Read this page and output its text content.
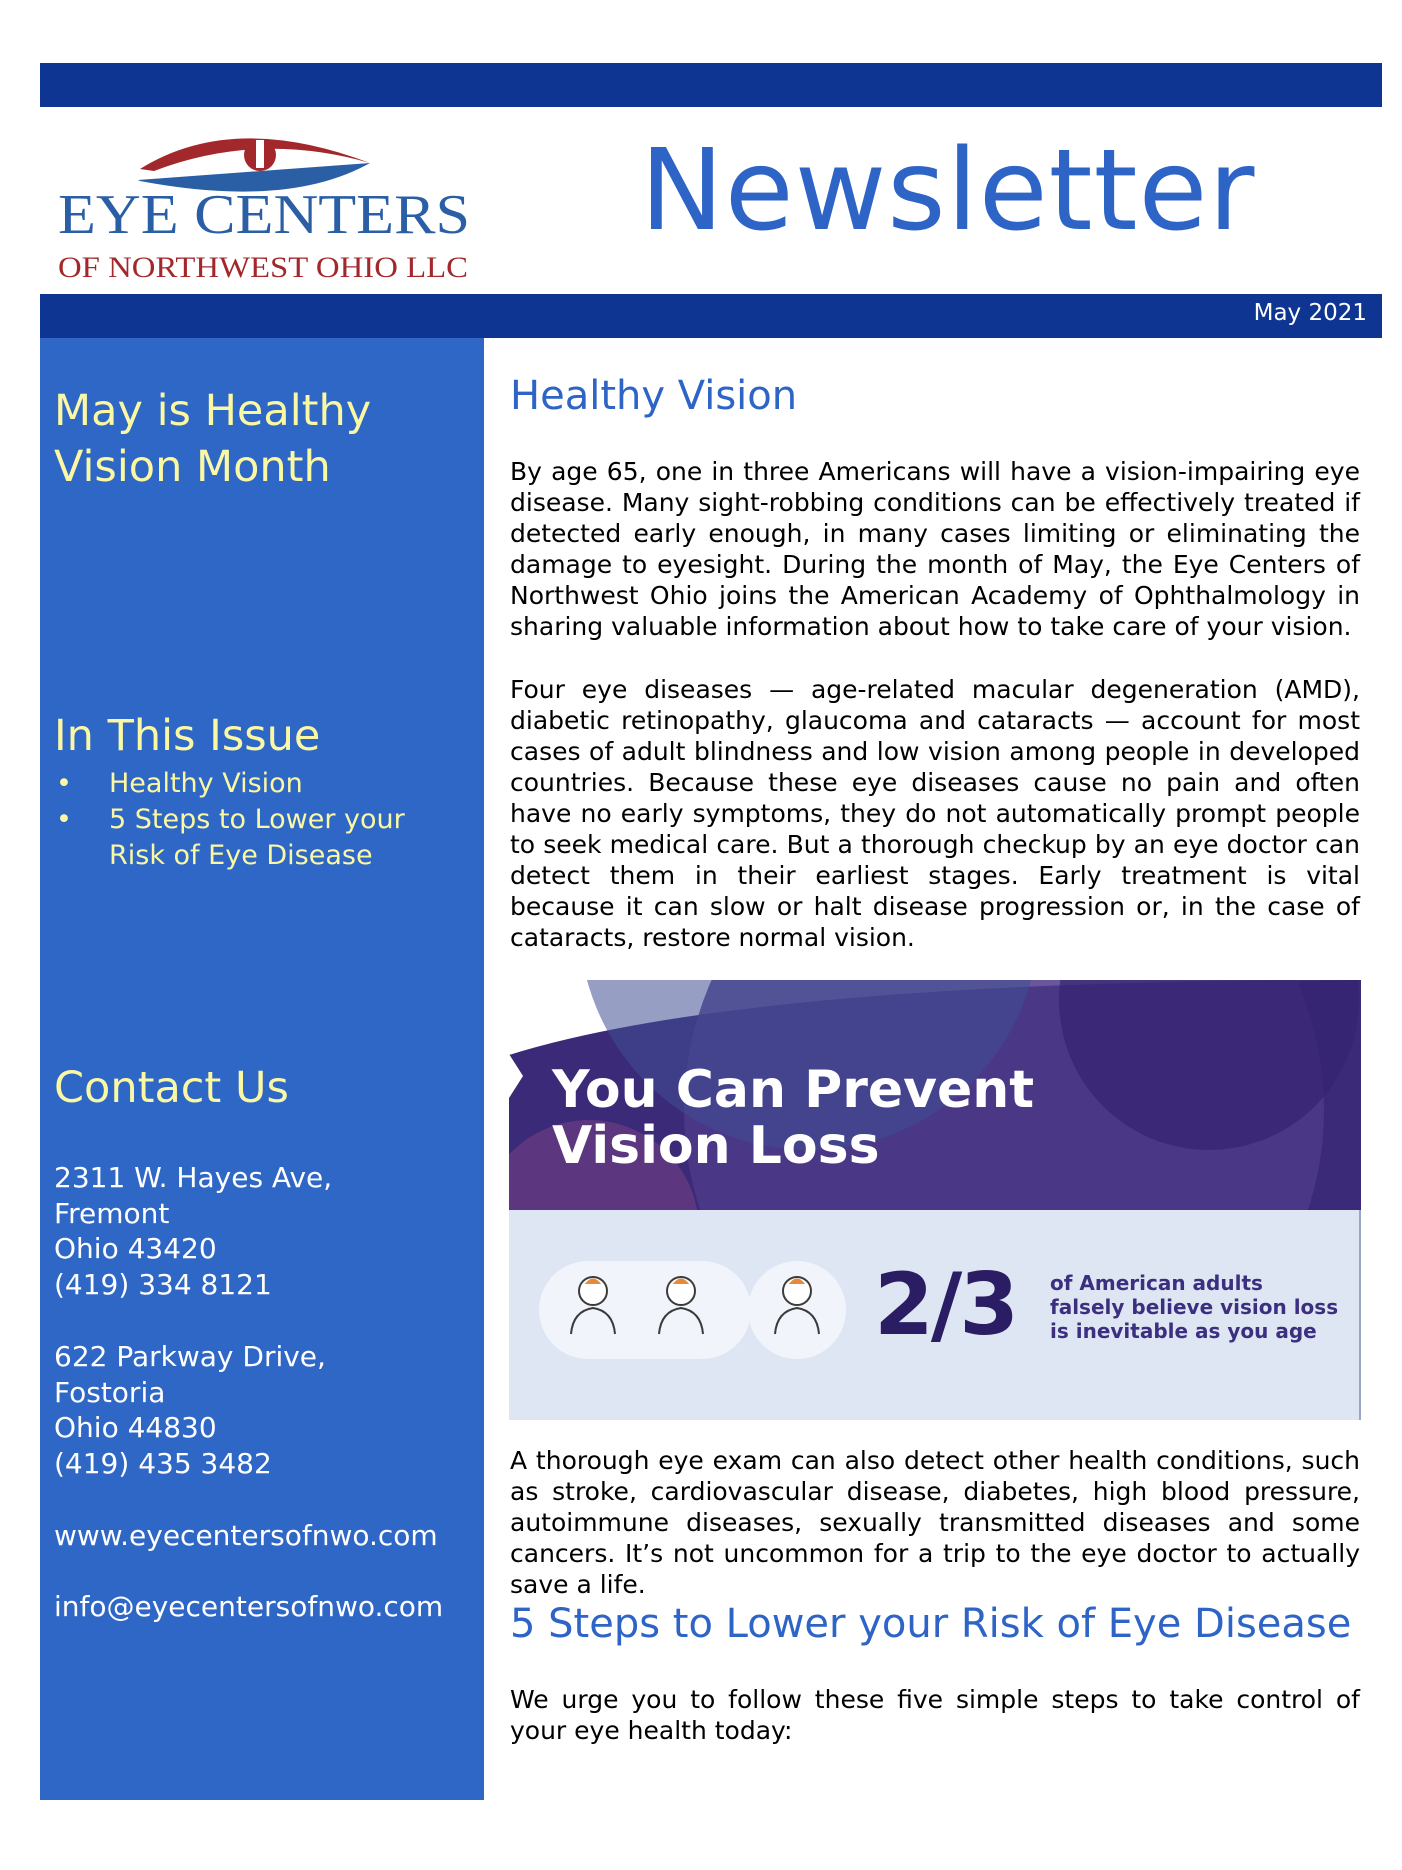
EYE CENTERS
OF NORTHWEST OHIO LLC
Newsletter
May 2021
May is Healthy
Vision Month
In This Issue
• Healthy Vision
• 5 Steps to Lower your
Risk of Eye Disease
Contact Us

2311 W. Hayes Ave,
Fremont
Ohio 43420
(419) 334 8121

622 Parkway Drive,
Fostoria
Ohio 44830
(419) 435 3482

www.eyecentersofnwo.com
info@eyecentersofnwo.com
Healthy Vision

By age 65, one in three Americans will have a vision-impairing eye disease. Many sight-robbing conditions can be effectively treated if detected early enough, in many cases limiting or eliminating the damage to eyesight. During the month of May, the Eye Centers of Northwest Ohio joins the American Academy of Ophthalmology in sharing valuable information about how to take care of your vision.

Four eye diseases — age-related macular degeneration (AMD), diabetic retinopathy, glaucoma and cataracts — account for most cases of adult blindness and low vision among people in developed countries. Because these eye diseases cause no pain and often have no early symptoms, they do not automatically prompt people to seek medical care. But a thorough checkup by an eye doctor can detect them in their earliest stages. Early treatment is vital because it can slow or halt disease progression or, in the case of cataracts, restore normal vision.

A thorough eye exam can also detect other health conditions, such as stroke, cardiovascular disease, diabetes, high blood pressure, autoimmune diseases, sexually transmitted diseases and some cancers. It’s not uncommon for a trip to the eye doctor to actually save a life.

5 Steps to Lower your Risk of Eye Disease

We urge you to follow these five simple steps to take control of your eye health today:

You Can Prevent
Vision Loss
2/3 of American adults
falsely believe vision loss
is inevitable as you age
